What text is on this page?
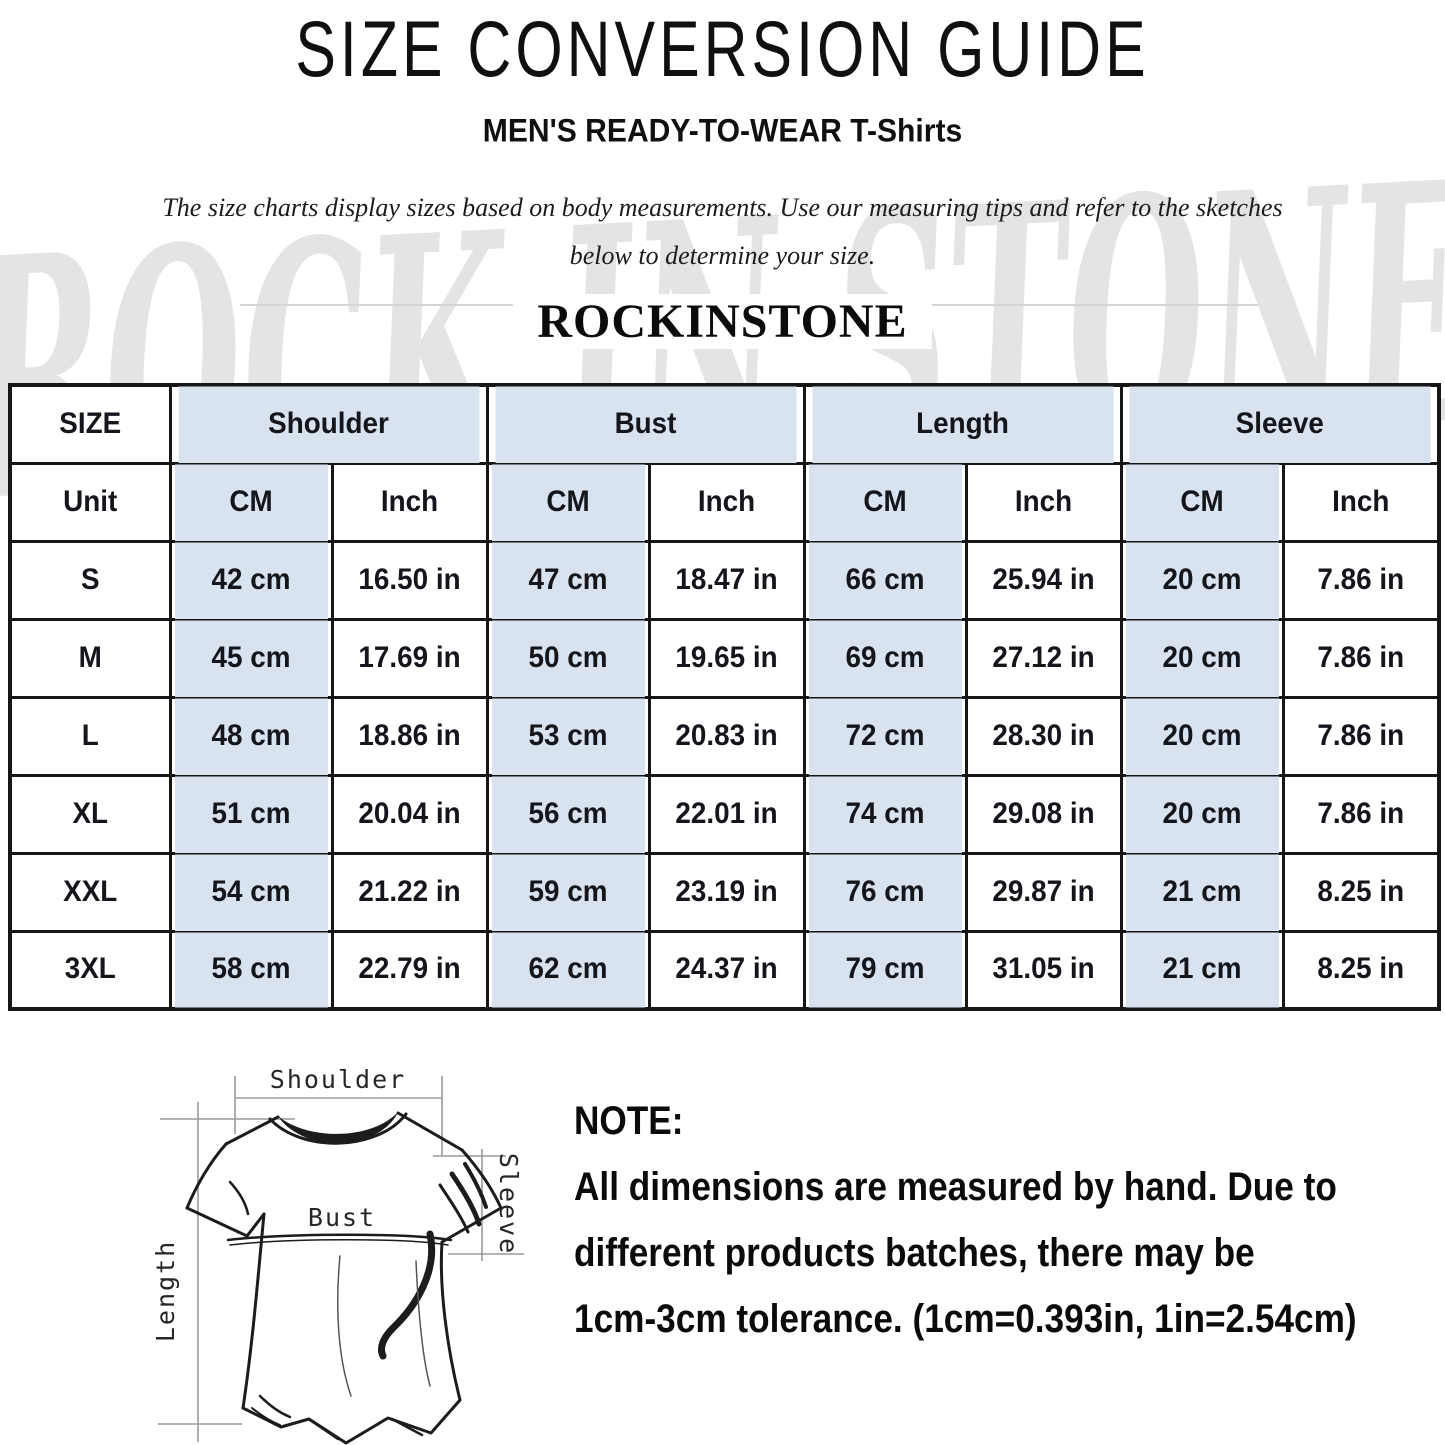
SIZE CONVERSION GUIDE
MEN'S READY-TO-WEAR T-Shirts
The size charts display sizes based on body measurements. Use our measuring tips and refer to the sketches
below to determine your size.
ROCKINSTONE
SIZE	Shoulder		Bust		Length		Sleeve	
Unit	CM	Inch	CM	Inch	CM	Inch	CM	Inch
S	42 cm	16.50 in	47 cm	18.47 in	66 cm	25.94 in	20 cm	7.86 in
M	45 cm	17.69 in	50 cm	19.65 in	69 cm	27.12 in	20 cm	7.86 in
L	48 cm	18.86 in	53 cm	20.83 in	72 cm	28.30 in	20 cm	7.86 in
XL	51 cm	20.04 in	56 cm	22.01 in	74 cm	29.08 in	20 cm	7.86 in
XXL	54 cm	21.22 in	59 cm	23.19 in	76 cm	29.87 in	21 cm	8.25 in
3XL	58 cm	22.79 in	62 cm	24.37 in	79 cm	31.05 in	21 cm	8.25 in
Shoulder
Bust
Length
Sleeve
NOTE:
All dimensions are measured by hand. Due to
different products batches, there may be
1cm-3cm tolerance. (1cm=0.393in, 1in=2.54cm)
